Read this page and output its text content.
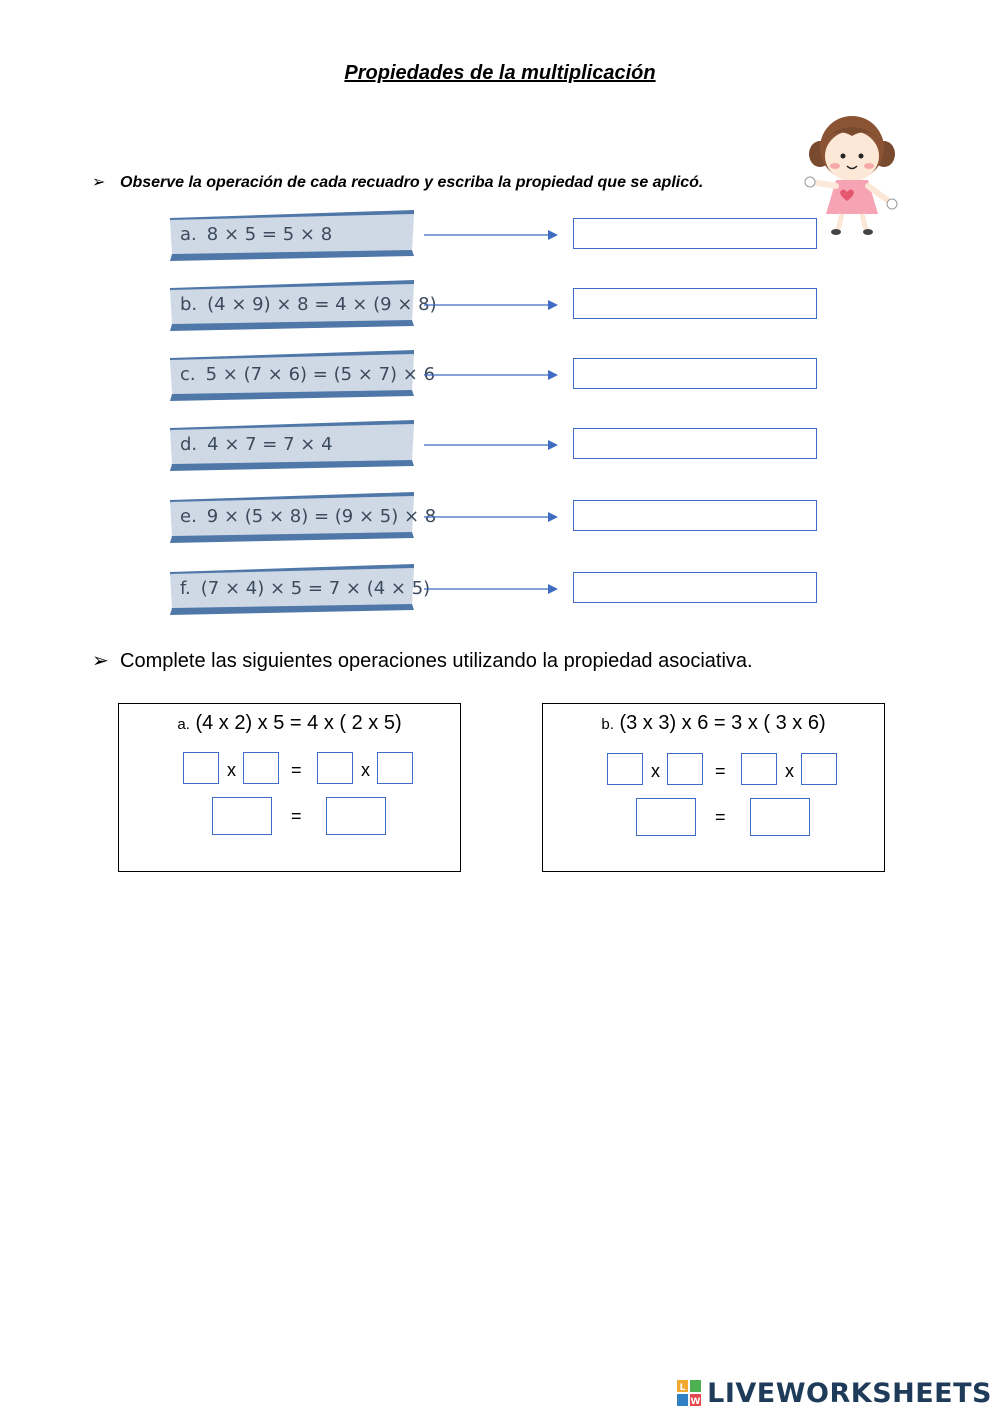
Propiedades de la multiplicación
➢ Observe la operación de cada recuadro y escriba la propiedad que se aplicó.
a. 8 × 5 = 5 × 8
b. (4 × 9) × 8 = 4 × (9 × 8)
c. 5 × (7 × 6) = (5 × 7) × 6
d. 4 × 7 = 7 × 4
e. 9 × (5 × 8) = (9 × 5) × 8
f. (7 × 4) × 5 = 7 × (4 × 5)
➢ Complete las siguientes operaciones utilizando la propiedad asociativa.
a. (4 x 2) x 5 = 4 x ( 2 x 5)
x	=	x
=
b. (3 x 3) x 6 = 3 x ( 3 x 6)
x	=	x
=
L
W LIVEWORKSHEETS
